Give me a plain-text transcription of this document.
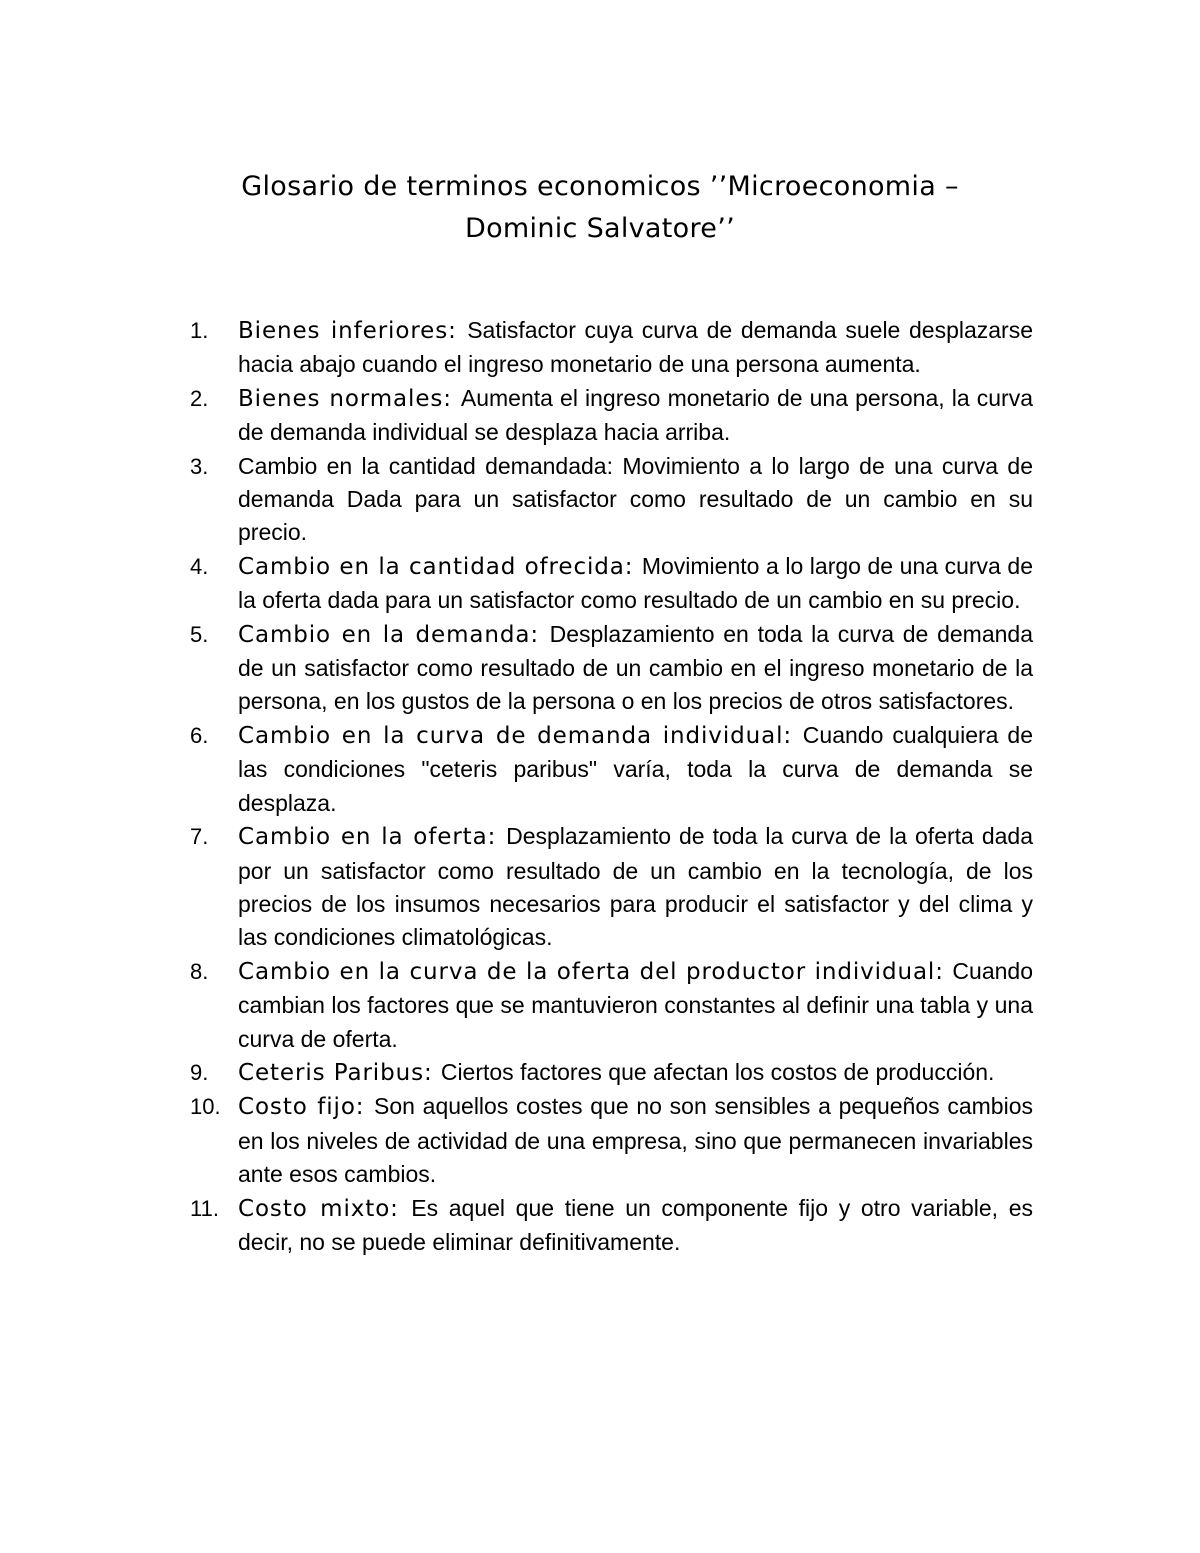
Glosario de terminos economicos ’’Microeconomia –
Dominic Salvatore’’
1. Bienes inferiores: Satisfactor cuya curva de demanda suele desplazarse hacia abajo cuando el ingreso monetario de una persona aumenta.
2. Bienes normales: Aumenta el ingreso monetario de una persona, la curva de demanda individual se desplaza hacia arriba.
3. Cambio en la cantidad demandada: Movimiento a lo largo de una curva de demanda Dada para un satisfactor como resultado de un cambio en su precio.
4. Cambio en la cantidad ofrecida: Movimiento a lo largo de una curva de la oferta dada para un satisfactor como resultado de un cambio en su precio.
5. Cambio en la demanda: Desplazamiento en toda la curva de demanda de un satisfactor como resultado de un cambio en el ingreso monetario de la persona, en los gustos de la persona o en los precios de otros satisfactores.
6. Cambio en la curva de demanda individual: Cuando cualquiera de las condiciones "ceteris paribus" varía, toda la curva de demanda se desplaza.
7. Cambio en la oferta: Desplazamiento de toda la curva de la oferta dada por un satisfactor como resultado de un cambio en la tecnología, de los precios de los insumos necesarios para producir el satisfactor y del clima y las condiciones climatológicas.
8. Cambio en la curva de la oferta del productor individual: Cuando cambian los factores que se mantuvieron constantes al definir una tabla y una curva de oferta.
9. Ceteris Paribus: Ciertos factores que afectan los costos de producción.
10. Costo fijo: Son aquellos costes que no son sensibles a pequeños cambios en los niveles de actividad de una empresa, sino que permanecen invariables ante esos cambios.
11. Costo mixto: Es aquel que tiene un componente fijo y otro variable, es decir, no se puede eliminar definitivamente.
